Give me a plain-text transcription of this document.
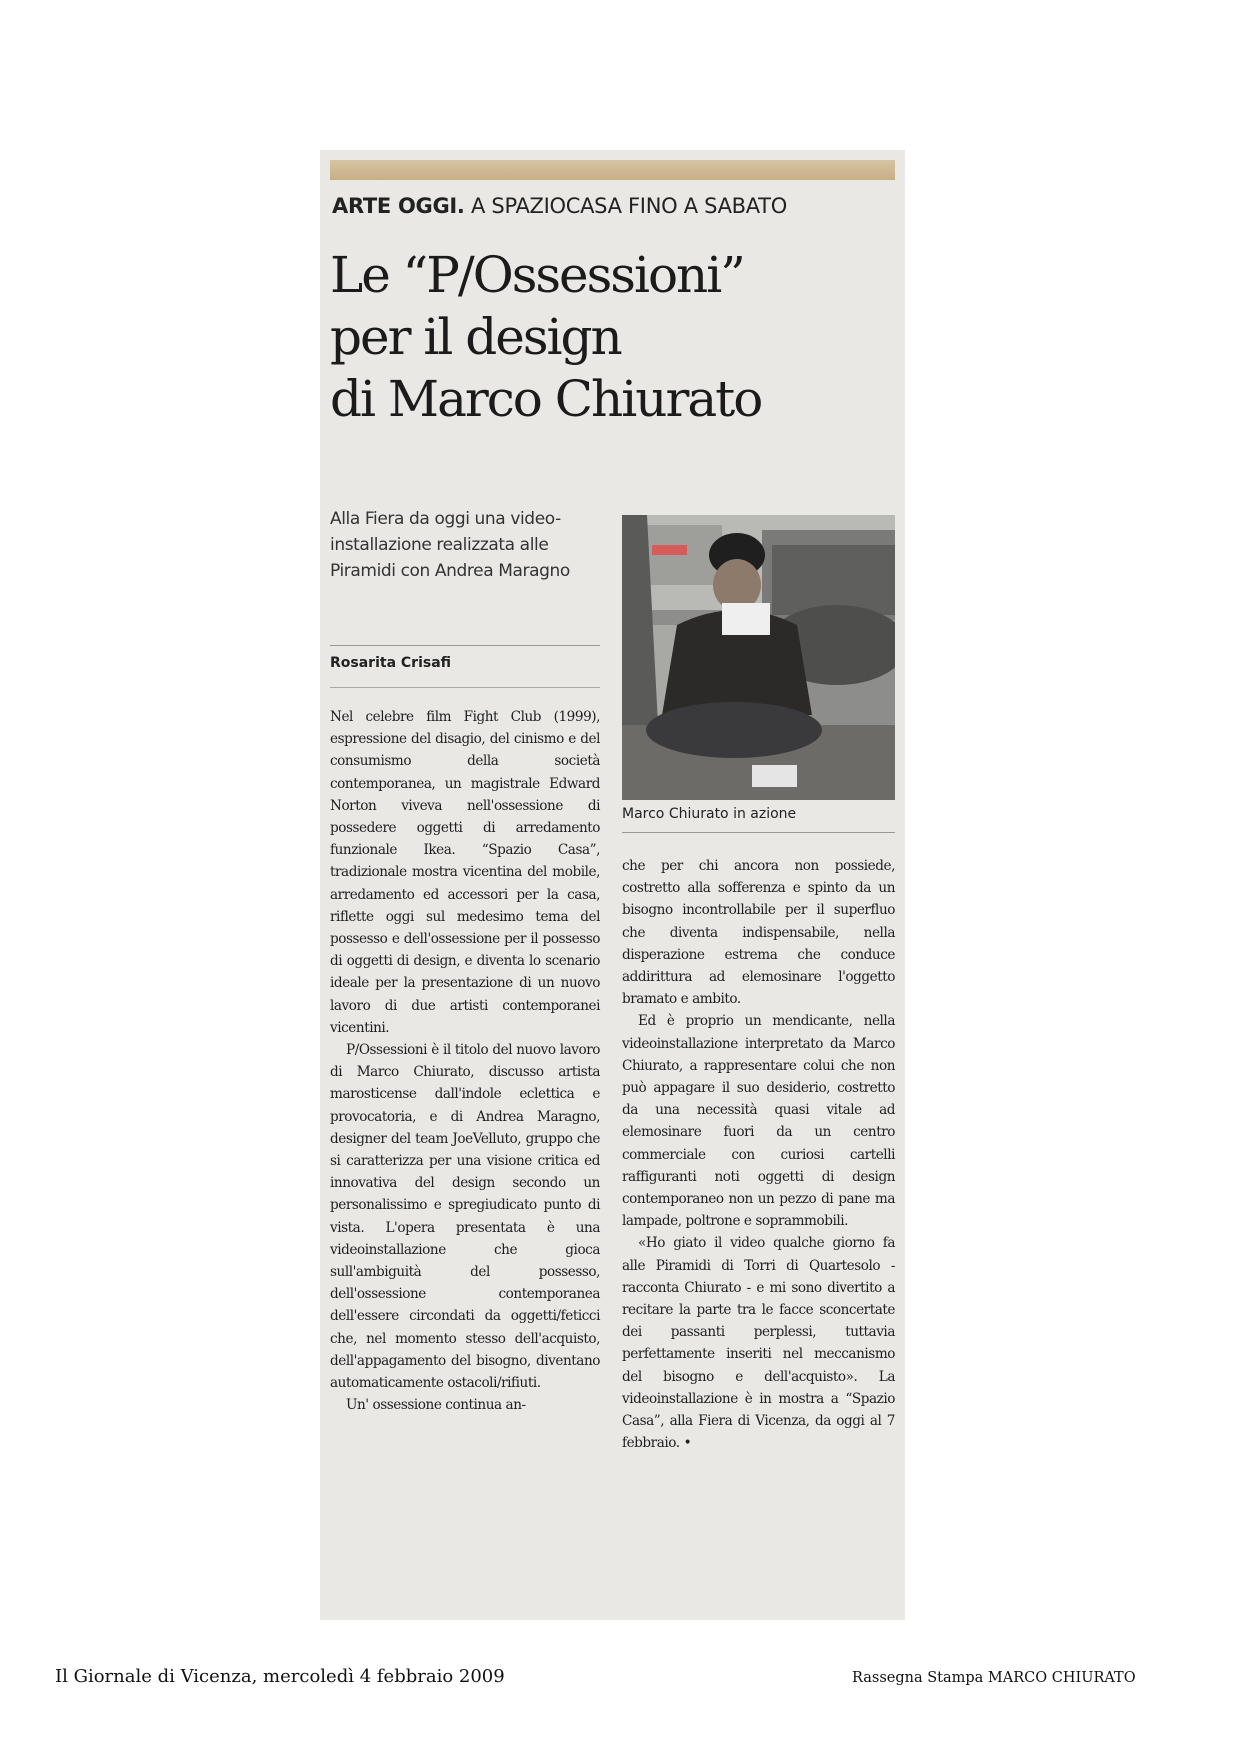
ARTE OGGI. A SPAZIOCASA FINO A SABATO
Le “P/Ossessioni”
per il design
di Marco Chiurato
Alla Fiera da oggi una video-installazione realizzata alle Piramidi con Andrea Maragno
Rosarita Crisafi
Marco Chiurato in azione

Nel celebre film Fight Club (1999), espressione del disagio, del cinismo e del consumismo della società contemporanea, un magistrale Edward Norton viveva nell'ossessione di possedere oggetti di arredamento funzionale Ikea. “Spazio Casa”, tradizionale mostra vicentina del mobile, arredamento ed accessori per la casa, riflette oggi sul medesimo tema del possesso e dell'ossessione per il possesso di oggetti di design, e diventa lo scenario ideale per la presentazione di un nuovo lavoro di due artisti contemporanei vicentini.

P/Ossessioni è il titolo del nuovo lavoro di Marco Chiurato, discusso artista marosticense dall'indole eclettica e provocatoria, e di Andrea Maragno, designer del team JoeVelluto, gruppo che si caratterizza per una visione critica ed innovativa del design secondo un personalissimo e spregiudicato punto di vista. L'opera presentata è una videoinstallazione che gioca sull'ambiguità del possesso, dell'ossessione contemporanea dell'essere circondati da oggetti/feticci che, nel momento stesso dell'acquisto, dell'appagamento del bisogno, diventano automaticamente ostacoli/rifiuti.

Un' ossessione continua an-

che per chi ancora non possiede, costretto alla sofferenza e spinto da un bisogno incontrollabile per il superfluo che diventa indispensabile, nella disperazione estrema che conduce addirittura ad elemosinare l'oggetto bramato e ambito.

Ed è proprio un mendicante, nella videoinstallazione interpretato da Marco Chiurato, a rappresentare colui che non può appagare il suo desiderio, costretto da una necessità quasi vitale ad elemosinare fuori da un centro commerciale con curiosi cartelli raffiguranti noti oggetti di design contemporaneo non un pezzo di pane ma lampade, poltrone e soprammobili.

«Ho giato il video qualche giorno fa alle Piramidi di Torri di Quartesolo - racconta Chiurato - e mi sono divertito a recitare la parte tra le facce sconcertate dei passanti perplessi, tuttavia perfettamente inseriti nel meccanismo del bisogno e dell'acquisto». La videoinstallazione è in mostra a “Spazio Casa”, alla Fiera di Vicenza, da oggi al 7 febbraio. •

Il Giornale di Vicenza, mercoledì 4 febbraio 2009	Rassegna Stampa MARCO CHIURATO
